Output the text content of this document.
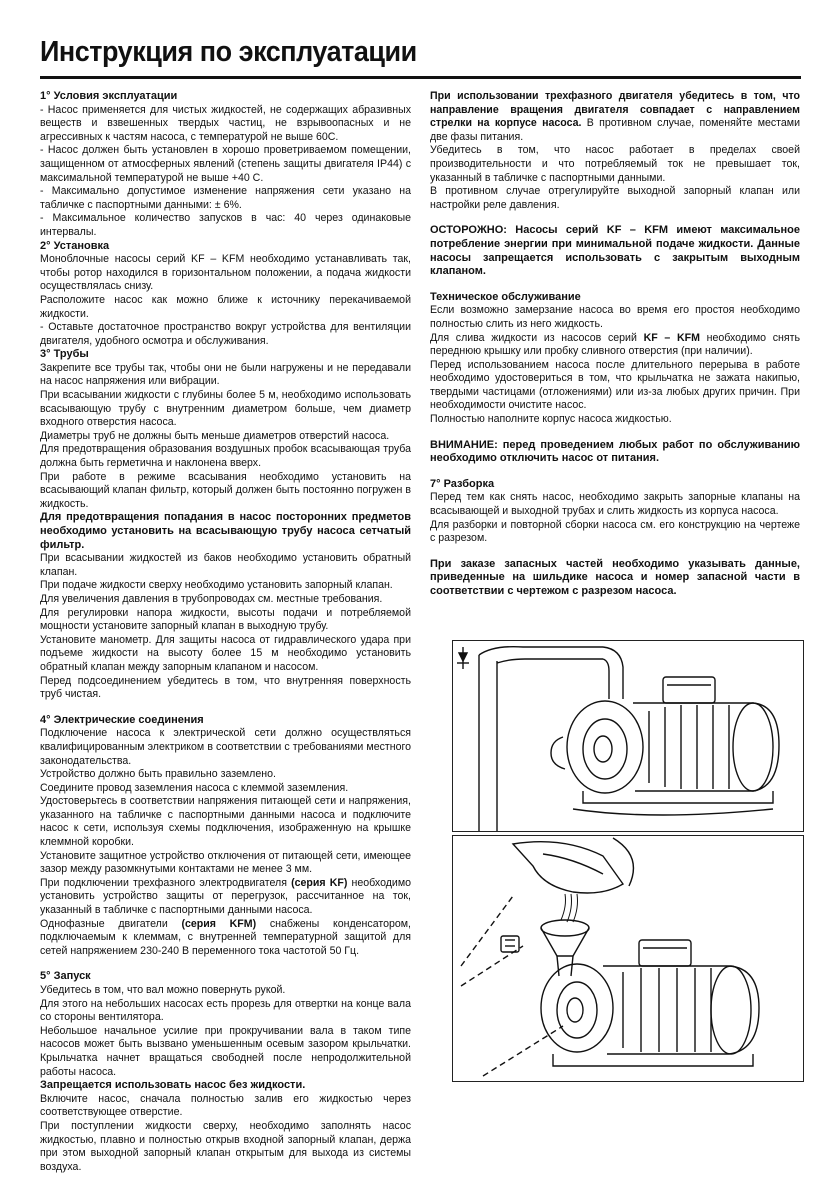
Инструкция по эксплуатации
1° Условия эксплуатации

- Насос применяется для чистых жидкостей, не содержащих абразивных веществ и взвешенных твердых частиц, не взрывоопасных и не агрессивных к частям насоса, с температурой не выше 60С.

- Насос должен быть установлен в хорошо проветриваемом помещении, защищенном от атмосферных явлений (степень защиты двигателя IP44) с максимальной температурой не выше +40 С.

- Максимально допустимое изменение напряжения сети указано на табличке с паспортными данными: ± 6%.

- Максимальное количество запусков в час: 40 через одинаковые интервалы.

2° Установка

Моноблочные насосы серий KF – KFM необходимо устанавливать так, чтобы ротор находился в горизонтальном положении, а подача жидкости осуществлялась снизу.

Расположите насос как можно ближе к источнику перекачиваемой жидкости.

- Оставьте достаточное пространство вокруг устройства для вентиляции двигателя, удобного осмотра и обслуживания.

3° Трубы

Закрепите все трубы так, чтобы они не были нагружены и не передавали на насос напряжения или вибрации.

При всасывании жидкости с глубины более 5 м, необходимо использовать всасывающую трубу с внутренним диаметром больше, чем диаметр входного отверстия насоса.

Диаметры труб не должны быть меньше диаметров отверстий насоса.

Для предотвращения образования воздушных пробок всасывающая труба должна быть герметична и наклонена вверх.

При работе в режиме всасывания необходимо установить на всасывающий клапан фильтр, который должен быть постоянно погружен в жидкость.

Для предотвращения попадания в насос посторонних предметов необходимо установить на всасывающую трубу насоса сетчатый фильтр.

При всасывании жидкостей из баков необходимо установить обратный клапан.

При подаче жидкости сверху необходимо установить запорный клапан.

Для увеличения давления в трубопроводах см. местные требования.

Для регулировки напора жидкости, высоты подачи и потребляемой мощности установите запорный клапан в выходную трубу.

Установите манометр. Для защиты насоса от гидравлического удара при подъеме жидкости на высоту более 15 м необходимо установить обратный клапан между запорным клапаном и насосом.

Перед подсоединением убедитесь в том, что внутренняя поверхность труб чистая.

4° Электрические соединения

Подключение насоса к электрической сети должно осуществляться квалифицированным электриком в соответствии с требованиями местного законодательства.

Устройство должно быть правильно заземлено.

Соедините провод заземления насоса с клеммой заземления.

Удостоверьтесь в соответствии напряжения питающей сети и напряжения, указанного на табличке с паспортными данными насоса и подключите насос к сети, используя схемы подключения, изображенную на крышке клеммной коробки.

Установите защитное устройство отключения от питающей сети, имеющее зазор между разомкнутыми контактами не менее 3 мм.

При подключении трехфазного электродвигателя (серия KF) необходимо установить устройство защиты от перегрузок, рассчитанное на ток, указанный в табличке с паспортными данными насоса.

Однофазные двигатели (серия KFM) снабжены конденсатором, подключаемым к клеммам, с внутренней температурной защитой для сетей напряжением 230-240 В переменного тока частотой 50 Гц.

5° Запуск

Убедитесь в том, что вал можно повернуть рукой.

Для этого на небольших насосах есть прорезь для отвертки на конце вала со стороны вентилятора.

Небольшое начальное усилие при прокручивании вала в таком типе насосов может быть вызвано уменьшенным осевым зазором крыльчатки. Крыльчатка начнет вращаться свободней после непродолжительной работы насоса.

Запрещается использовать насос без жидкости.

Включите насос, сначала полностью залив его жидкостью через соответствующее отверстие.

При поступлении жидкости сверху, необходимо заполнять насос жидкостью, плавно и полностью открыв входной запорный клапан, держа при этом выходной запорный клапан открытым для выхода из системы воздуха.

При использовании трехфазного двигателя убедитесь в том, что направление вращения двигателя совпадает с направлением стрелки на корпусе насоса. В противном случае, поменяйте местами две фазы питания.

Убедитесь в том, что насос работает в пределах своей производительности и что потребляемый ток не превышает ток, указанный в табличке с паспортными данными.

В противном случае отрегулируйте выходной запорный клапан или настройки реле давления.

ОСТОРОЖНО: Насосы серий KF – KFM имеют максимальное потребление энергии при минимальной подаче жидкости. Данные насосы запрещается использовать с закрытым выходным клапаном.

Техническое обслуживание

Если возможно замерзание насоса во время его простоя необходимо полностью слить из него жидкость.

Для слива жидкости из насосов серий KF – KFM необходимо снять переднюю крышку или пробку сливного отверстия (при наличии).

Перед использованием насоса после длительного перерыва в работе необходимо удостовериться в том, что крыльчатка не зажата накипью, твердыми частицами (отложениями) или из-за любых других причин. При необходимости очистите насос.

Полностью наполните корпус насоса жидкостью.

ВНИМАНИЕ: перед проведением любых работ по обслуживанию необходимо отключить насос от питания.

7° Разборка

Перед тем как снять насос, необходимо закрыть запорные клапаны на всасывающей и выходной трубах и слить жидкость из корпуса насоса.

Для разборки и повторной сборки насоса см. его конструкцию на чертеже с разрезом.

При заказе запасных частей необходимо указывать данные, приведенные на шильдике насоса и номер запасной части в соответствии с чертежом с разрезом насоса.
